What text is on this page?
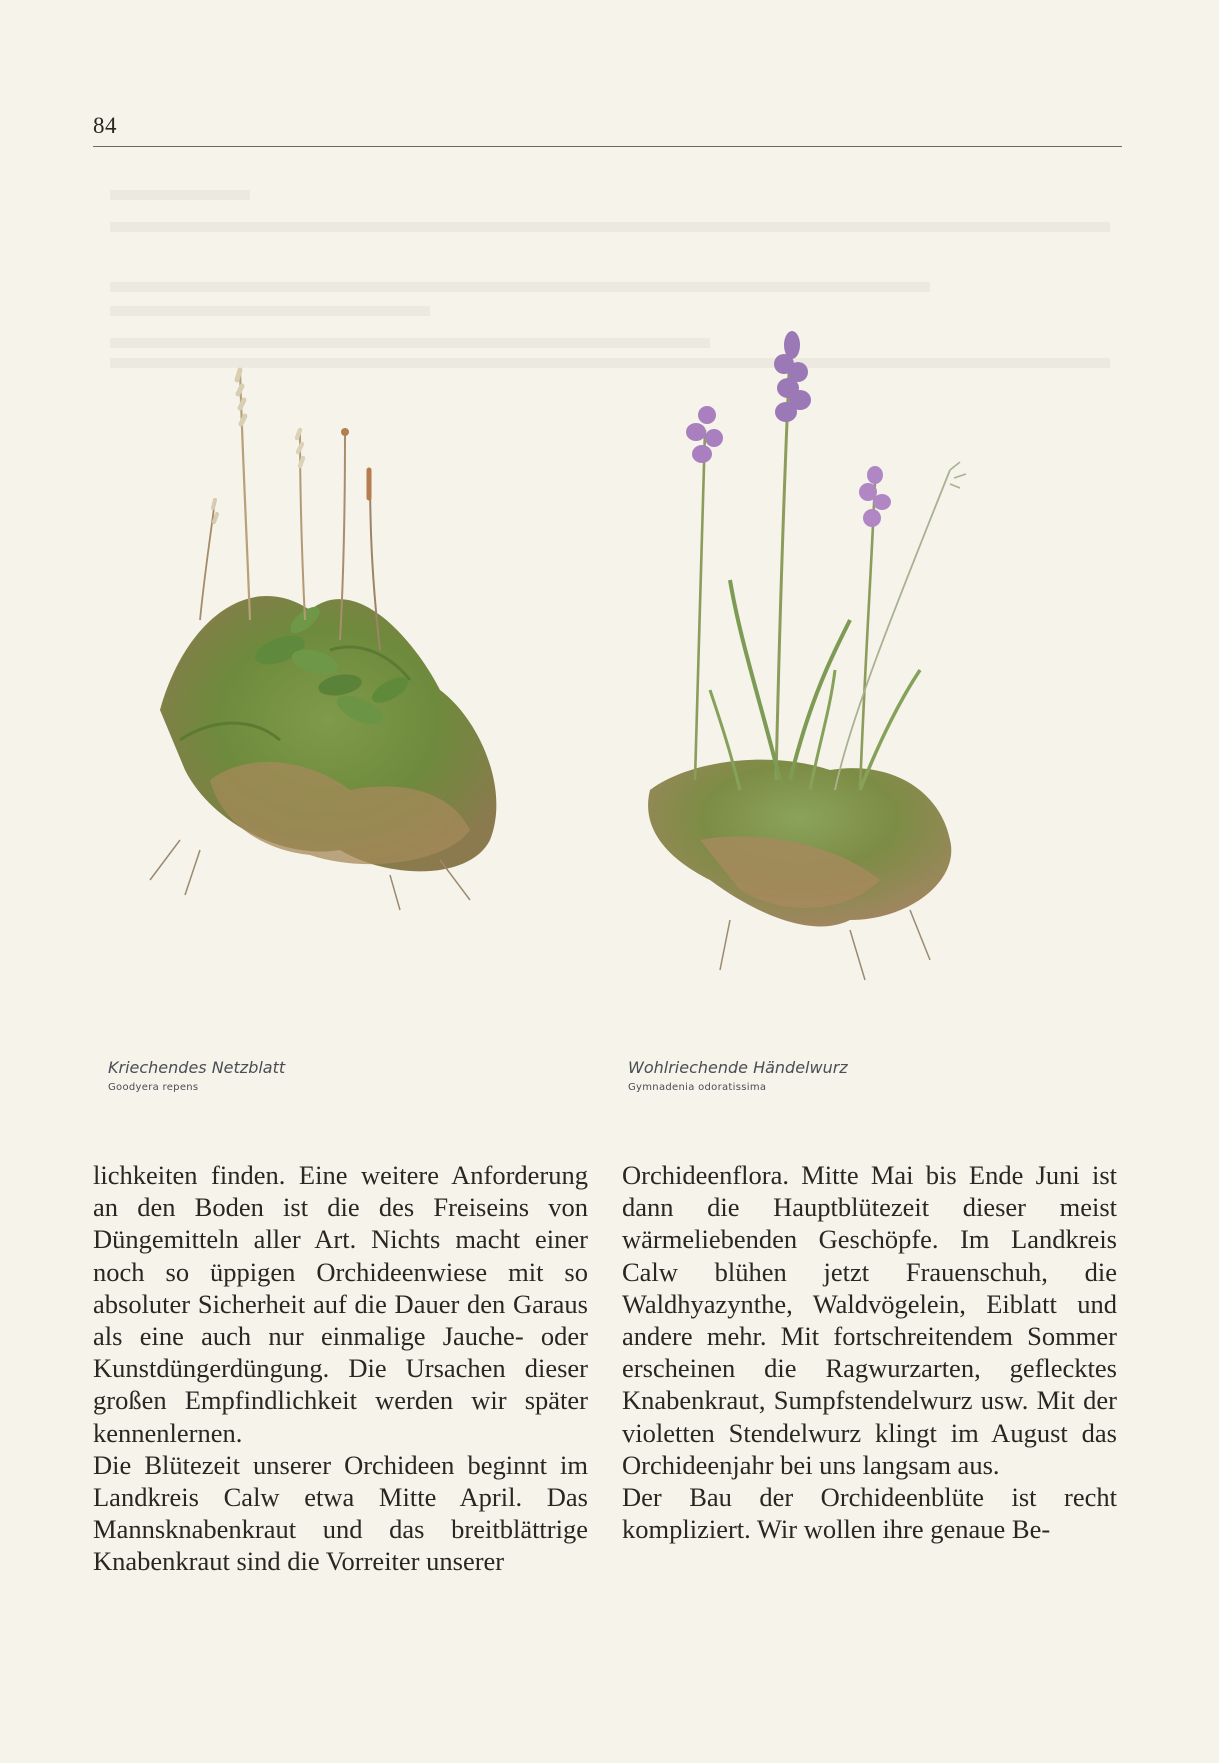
84
Kriechendes Netzblatt
Goodyera repens
Wohlriechende Händelwurz
Gymnadenia odoratissima

lichkeiten finden. Eine weitere Anforderung an den Boden ist die des Freiseins von Düngemitteln aller Art. Nichts macht einer noch so üppigen Orchideenwiese mit so absoluter Sicherheit auf die Dauer den Garaus als eine auch nur einmalige Jauche- oder Kunstdüngerdüngung. Die Ursachen dieser großen Empfindlichkeit werden wir später kennenlernen.

Die Blütezeit unserer Orchideen beginnt im Landkreis Calw etwa Mitte April. Das Mannsknabenkraut und das breitblättrige Knabenkraut sind die Vorreiter unserer

Orchideenflora. Mitte Mai bis Ende Juni ist dann die Hauptblütezeit dieser meist wärmeliebenden Geschöpfe. Im Landkreis Calw blühen jetzt Frauenschuh, die Waldhyazynthe, Waldvögelein, Eiblatt und andere mehr. Mit fortschreitendem Sommer erscheinen die Ragwurzarten, geflecktes Knabenkraut, Sumpfstendelwurz usw. Mit der violetten Stendelwurz klingt im August das Orchideenjahr bei uns langsam aus.

Der Bau der Orchideenblüte ist recht kompliziert. Wir wollen ihre genaue Be-
